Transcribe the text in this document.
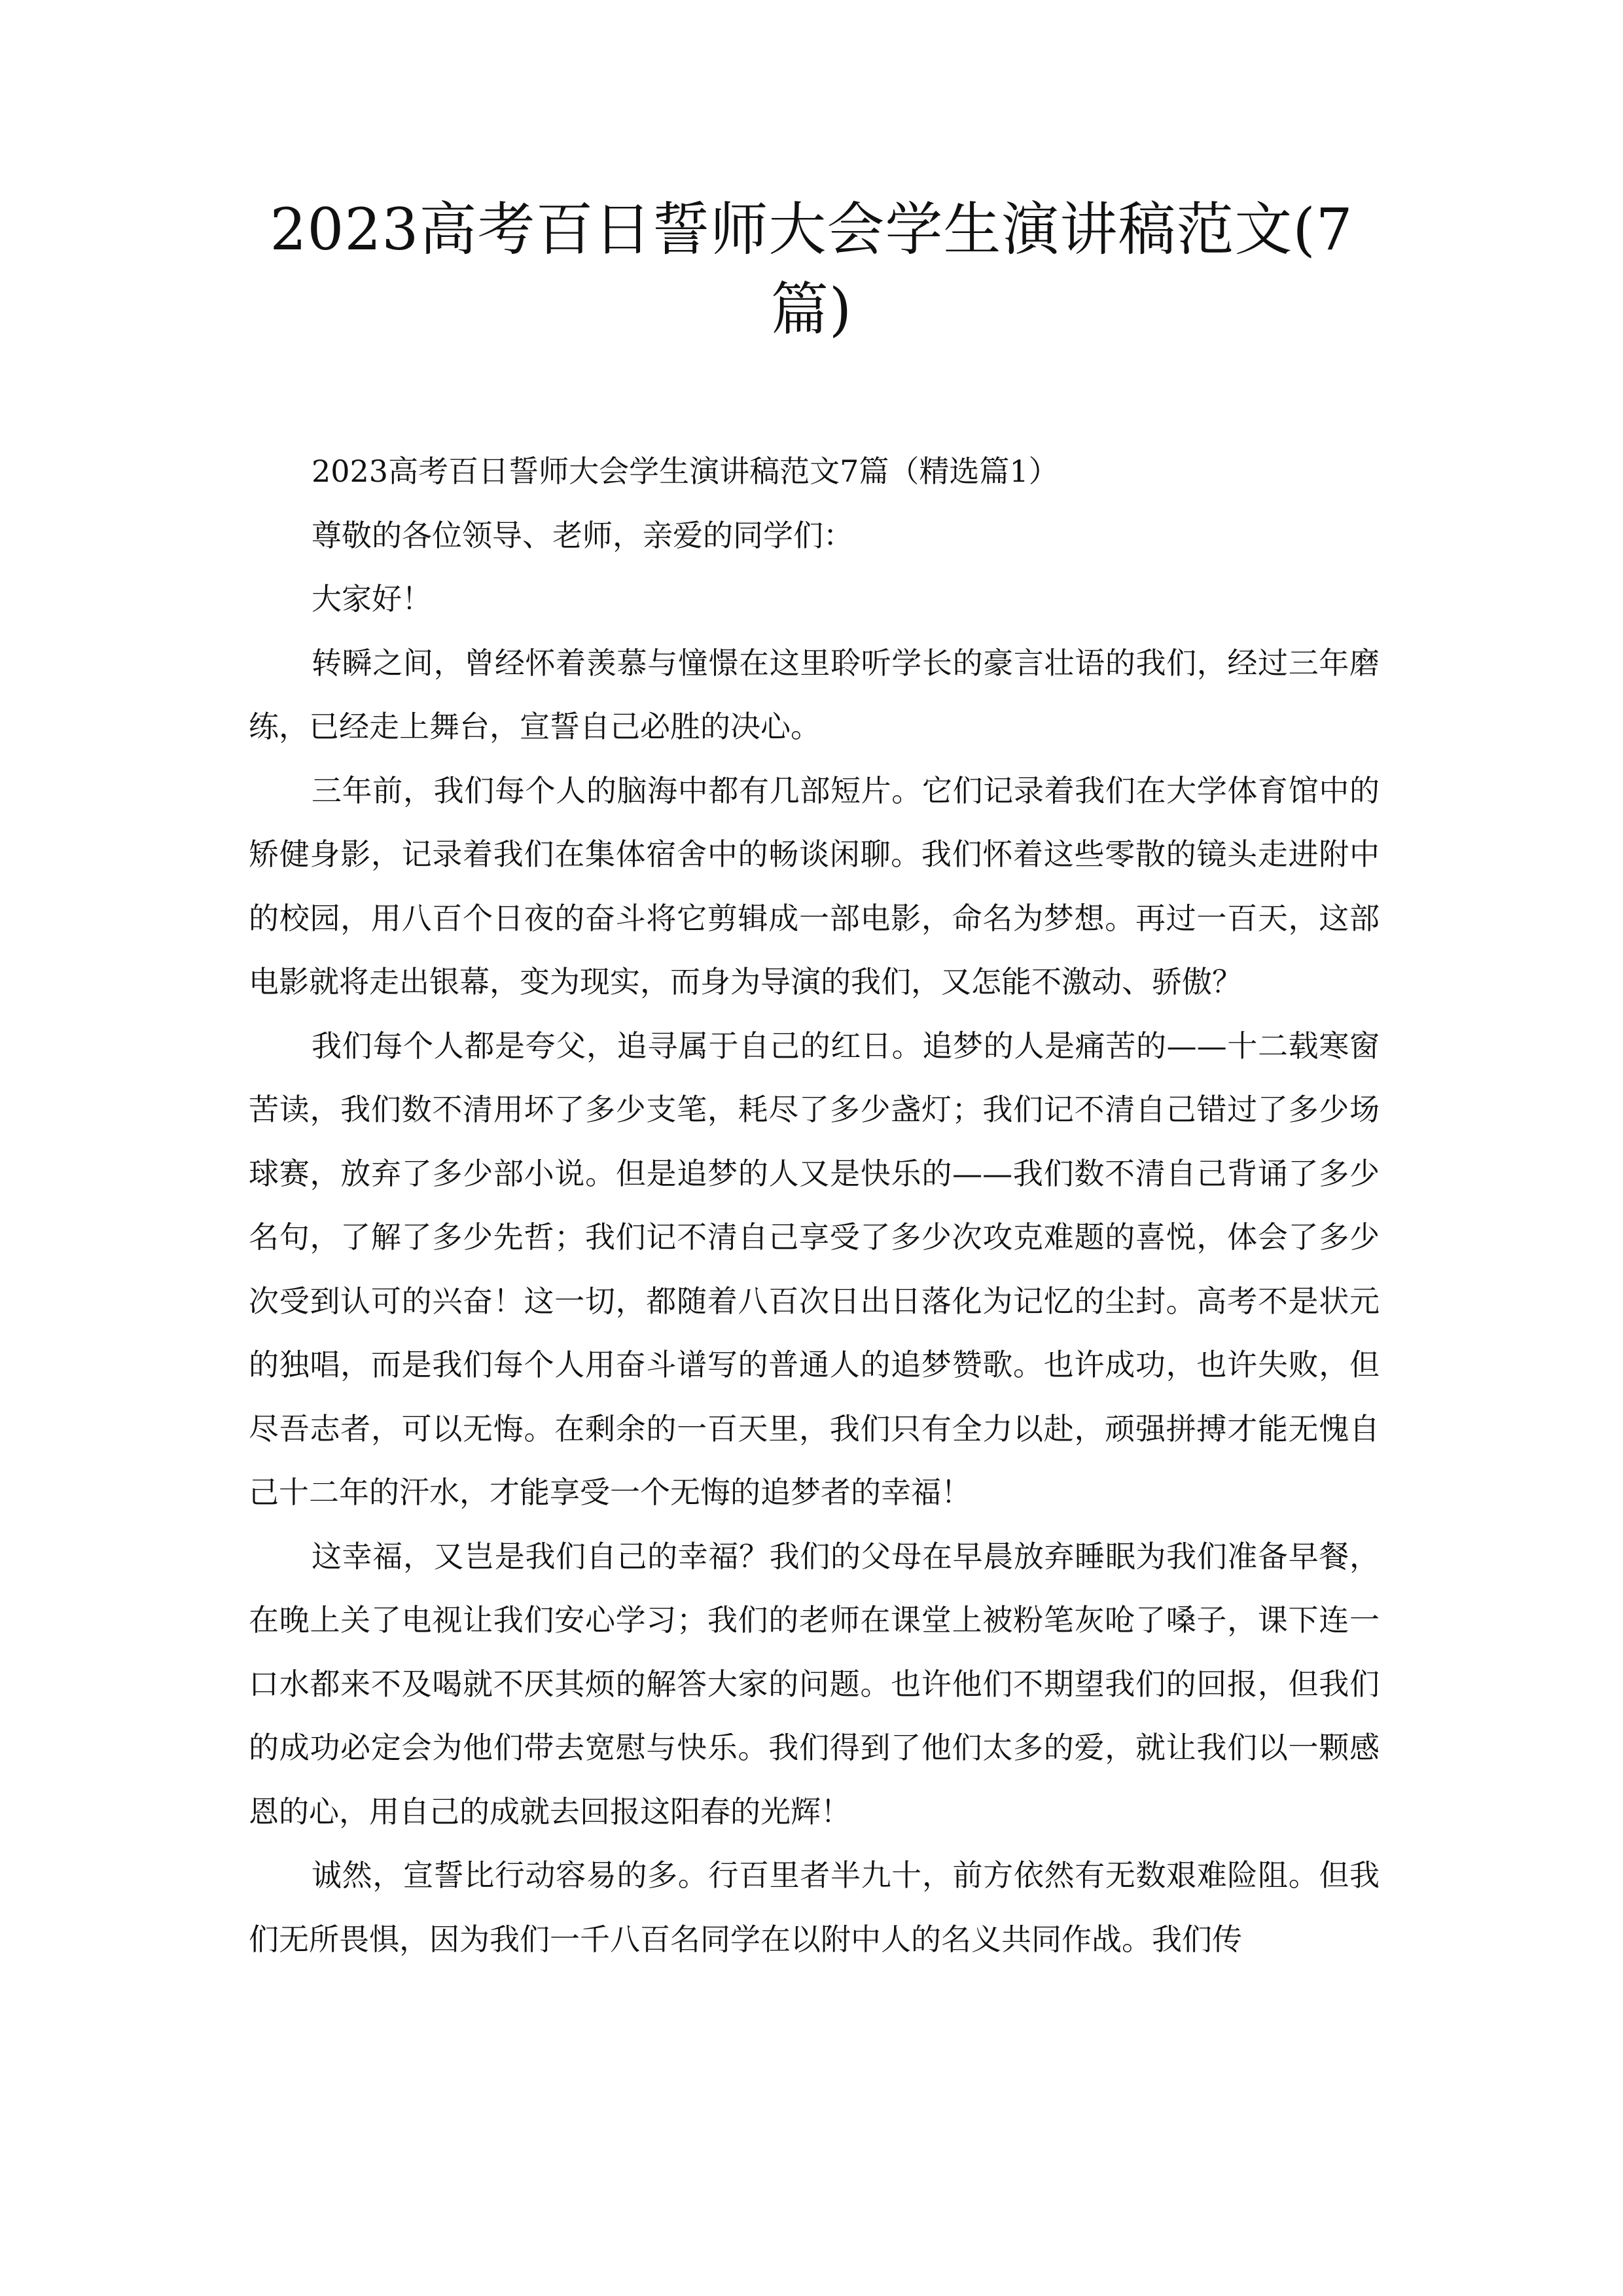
2023高考百日誓师大会学生演讲稿范文(7篇)

2023高考百日誓师大会学生演讲稿范文7篇（精选篇1）

尊敬的各位领导、老师，亲爱的同学们：

大家好！

转瞬之间，曾经怀着羡慕与憧憬在这里聆听学长的豪言壮语的我们，经过三年磨练，已经走上舞台，宣誓自己必胜的决心。

三年前，我们每个人的脑海中都有几部短片。它们记录着我们在大学体育馆中的矫健身影，记录着我们在集体宿舍中的畅谈闲聊。我们怀着这些零散的镜头走进附中的校园，用八百个日夜的奋斗将它剪辑成一部电影，命名为梦想。再过一百天，这部电影就将走出银幕，变为现实，而身为导演的我们，又怎能不激动、骄傲？

我们每个人都是夸父，追寻属于自己的红日。追梦的人是痛苦的——十二载寒窗苦读，我们数不清用坏了多少支笔，耗尽了多少盏灯；我们记不清自己错过了多少场球赛，放弃了多少部小说。但是追梦的人又是快乐的——我们数不清自己背诵了多少名句，了解了多少先哲；我们记不清自己享受了多少次攻克难题的喜悦，体会了多少次受到认可的兴奋！这一切，都随着八百次日出日落化为记忆的尘封。高考不是状元的独唱，而是我们每个人用奋斗谱写的普通人的追梦赞歌。也许成功，也许失败，但尽吾志者，可以无悔。在剩余的一百天里，我们只有全力以赴，顽强拼搏才能无愧自己十二年的汗水，才能享受一个无悔的追梦者的幸福！

这幸福，又岂是我们自己的幸福？我们的父母在早晨放弃睡眠为我们准备早餐，在晚上关了电视让我们安心学习；我们的老师在课堂上被粉笔灰呛了嗓子，课下连一口水都来不及喝就不厌其烦的解答大家的问题。也许他们不期望我们的回报，但我们的成功必定会为他们带去宽慰与快乐。我们得到了他们太多的爱，就让我们以一颗感恩的心，用自己的成就去回报这阳春的光辉！

诚然，宣誓比行动容易的多。行百里者半九十，前方依然有无数艰难险阻。但我们无所畏惧，因为我们一千八百名同学在以附中人的名义共同作战。我们传
